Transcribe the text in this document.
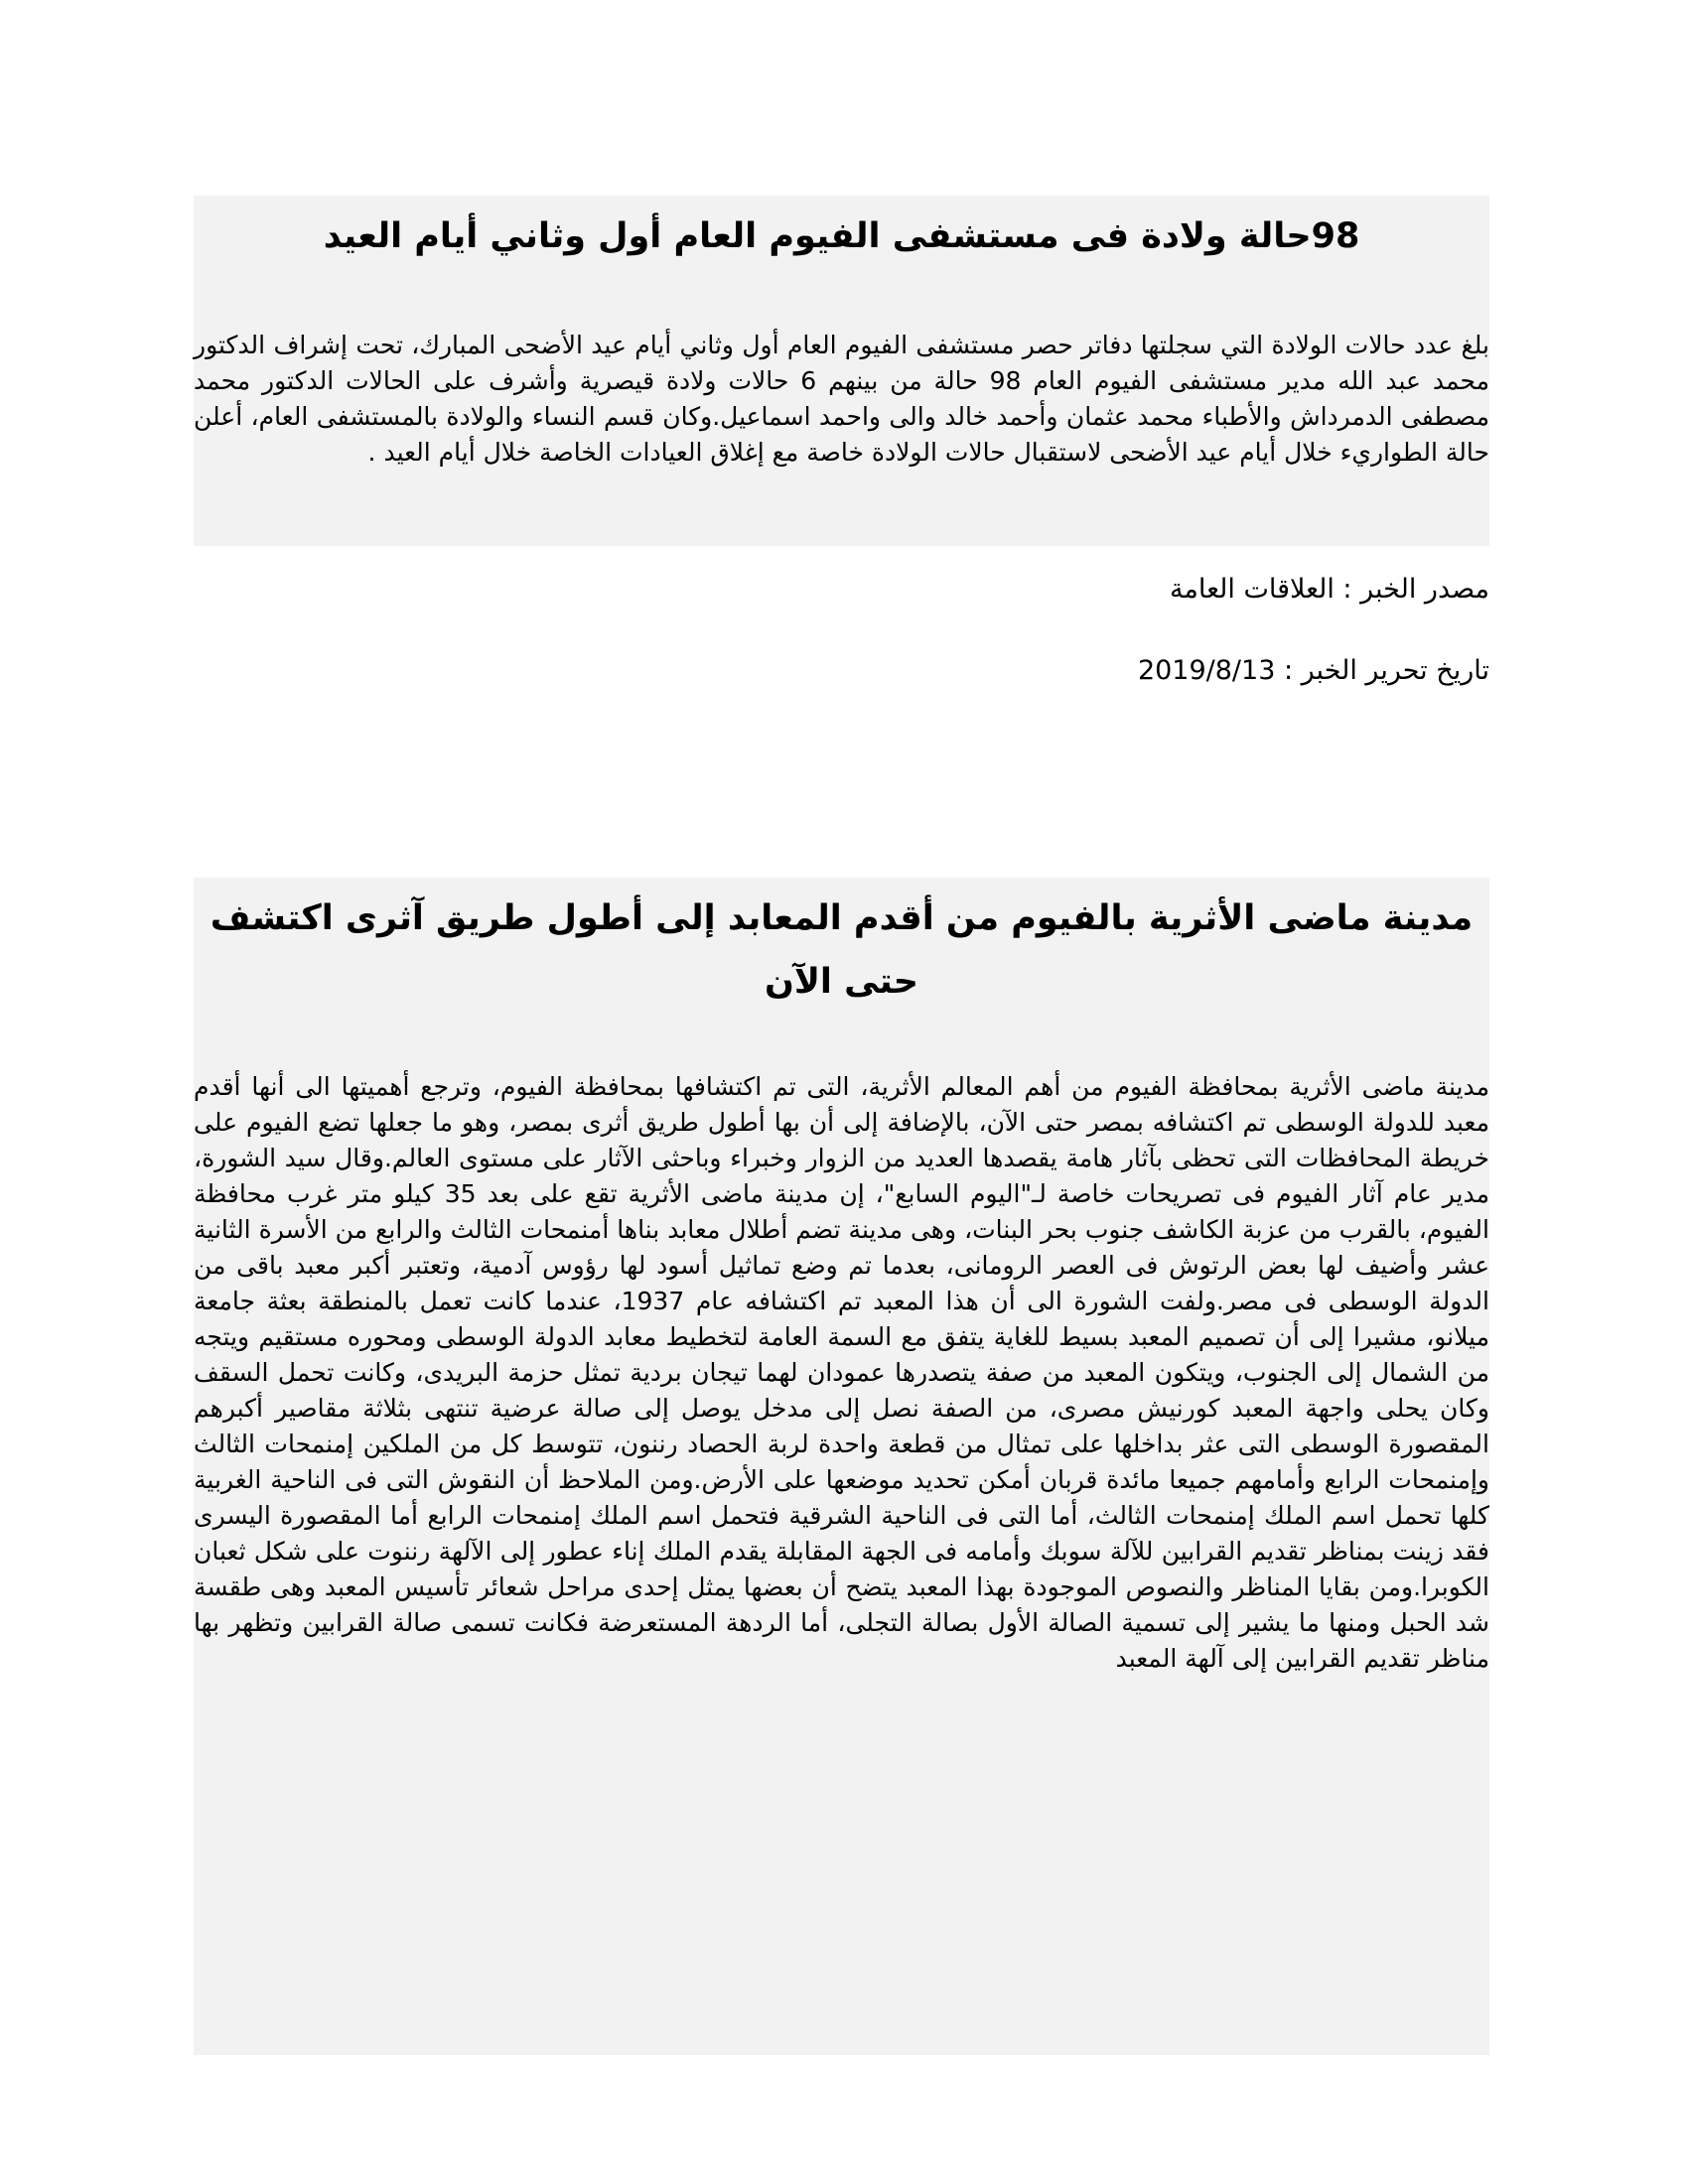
98حالة ولادة فى مستشفى الفيوم العام أول وثاني أيام العيد

بلغ عدد حالات الولادة التي سجلتها دفاتر حصر مستشفى الفيوم العام أول وثاني أيام عيد الأضحى المبارك، تحت إشراف الدكتور محمد عبد الله مدير مستشفى الفيوم العام 98 حالة من بينهم 6 حالات ولادة قيصرية وأشرف على الحالات الدكتور محمد مصطفى الدمرداش والأطباء محمد عثمان وأحمد خالد والى واحمد اسماعيل.وكان قسم النساء والولادة بالمستشفى العام، أعلن حالة الطواريء خلال أيام عيد الأضحى لاستقبال حالات الولادة خاصة مع إغلاق العيادات الخاصة خلال أيام العيد .

مصدر الخبر : العلاقات العامة

تاريخ تحرير الخبر : 2019/8/13

مدينة ماضى الأثرية بالفيوم من أقدم المعابد إلى أطول طريق آثرى اكتشف حتى الآن

مدينة ماضى الأثرية بمحافظة الفيوم من أهم المعالم الأثرية، التى تم اكتشافها بمحافظة الفيوم، وترجع أهميتها الى أنها أقدم معبد للدولة الوسطى تم اكتشافه بمصر حتى الآن، بالإضافة إلى أن بها أطول طريق أثرى بمصر، وهو ما جعلها تضع الفيوم على خريطة المحافظات التى تحظى بآثار هامة يقصدها العديد من الزوار وخبراء وباحثى الآثار على مستوى العالم.وقال سيد الشورة، مدير عام آثار الفيوم فى تصريحات خاصة لـ"اليوم السابع"، إن مدينة ماضى الأثرية تقع على بعد 35 كيلو متر غرب محافظة الفيوم، بالقرب من عزبة الكاشف جنوب بحر البنات، وهى مدينة تضم أطلال معابد بناها أمنمحات الثالث والرابع من الأسرة الثانية عشر وأضيف لها بعض الرتوش فى العصر الرومانى، بعدما تم وضع تماثيل أسود لها رؤوس آدمية، وتعتبر أكبر معبد باقى من الدولة الوسطى فى مصر.ولفت الشورة الى أن هذا المعبد تم اكتشافه عام 1937، عندما كانت تعمل بالمنطقة بعثة جامعة ميلانو، مشيرا إلى أن تصميم المعبد بسيط للغاية يتفق مع السمة العامة لتخطيط معابد الدولة الوسطى ومحوره مستقيم ويتجه من الشمال إلى الجنوب، ويتكون المعبد من صفة يتصدرها عمودان لهما تيجان بردية تمثل حزمة البريدى، وكانت تحمل السقف وكان يحلى واجهة المعبد كورنيش مصرى، من الصفة نصل إلى مدخل يوصل إلى صالة عرضية تنتهى بثلاثة مقاصير أكبرهم المقصورة الوسطى التى عثر بداخلها على تمثال من قطعة واحدة لربة الحصاد رننون، تتوسط كل من الملكين إمنمحات الثالث وإمنمحات الرابع وأمامهم جميعا مائدة قربان أمكن تحديد موضعها على الأرض.ومن الملاحظ أن النقوش التى فى الناحية الغربية كلها تحمل اسم الملك إمنمحات الثالث، أما التى فى الناحية الشرقية فتحمل اسم الملك إمنمحات الرابع أما المقصورة اليسرى فقد زينت بمناظر تقديم القرابين للآلة سوبك وأمامه فى الجهة المقابلة يقدم الملك إناء عطور إلى الآلهة رننوت على شكل ثعبان الكوبرا.ومن بقايا المناظر والنصوص الموجودة بهذا المعبد يتضح أن بعضها يمثل إحدى مراحل شعائر تأسيس المعبد وهى طقسة شد الحبل ومنها ما يشير إلى تسمية الصالة الأول بصالة التجلى، أما الردهة المستعرضة فكانت تسمى صالة القرابين وتظهر بها مناظر تقديم القرابين إلى آلهة المعبد
